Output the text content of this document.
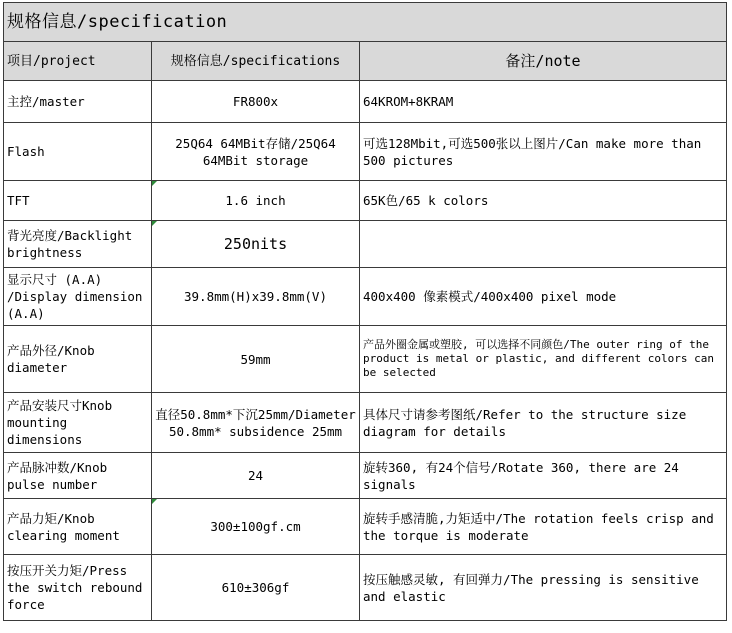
规格信息/specification		
项目/project	规格信息/specifications	备注/note
主控/master	FR800x	64KROM+8KRAM
Flash	25Q64 64MBit存储/25Q64 64MBit storage	可选128Mbit,可选500张以上图片/Can make more than 500 pictures
TFT	1.6 inch	65K色/65 k colors
背光亮度/Backlight brightness	250nits	
显示尺寸 (A.A) /Display dimension (A.A)	39.8mm(H)x39.8mm(V)	400x400 像素模式/400x400 pixel mode
产品外径/Knob diameter	59mm	产品外圈金属或塑胶, 可以选择不同颜色/The outer ring of the product is metal or plastic, and different colors can be selected
产品安装尺寸Knob mounting dimensions	直径50.8mm*下沉25mm/Diameter 50.8mm* subsidence 25mm	具体尺寸请参考图纸/Refer to the structure size diagram for details
产品脉冲数/Knob pulse number	24	旋转360, 有24个信号/Rotate 360, there are 24 signals
产品力矩/Knob clearing moment	300±100gf.cm	旋转手感清脆,力矩适中/The rotation feels crisp and the torque is moderate
按压开关力矩/Press the switch rebound force	610±306gf	按压触感灵敏, 有回弹力/The pressing is sensitive and elastic
